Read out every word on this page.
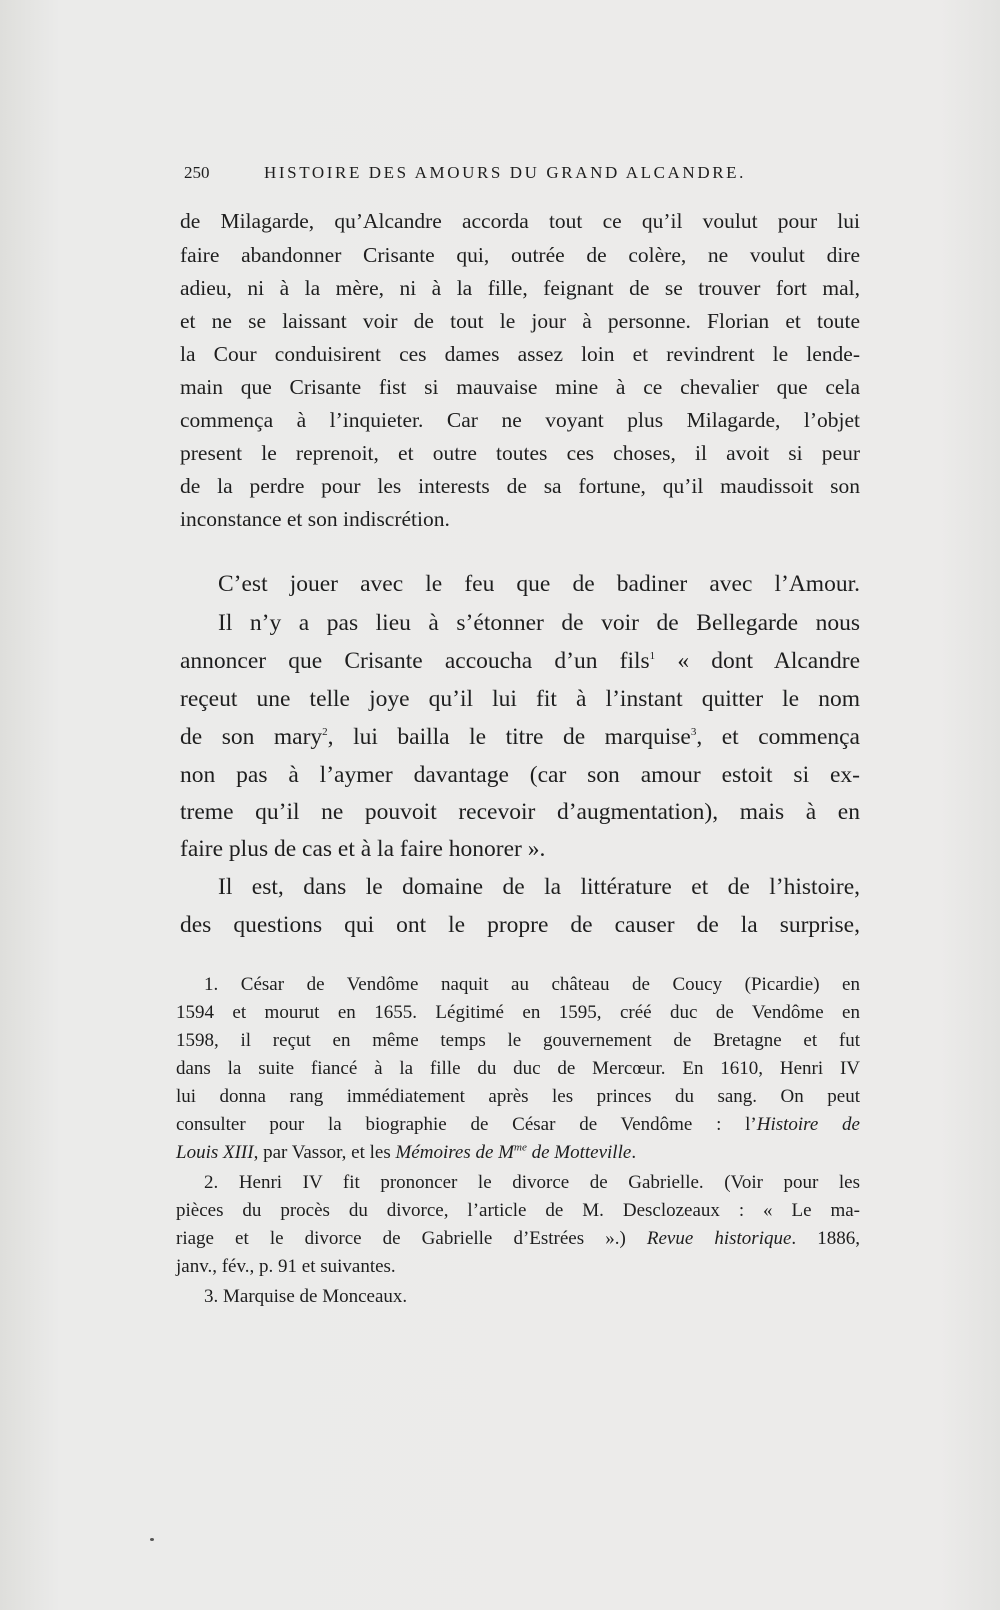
250	HISTOIRE DES AMOURS DU GRAND ALCANDRE.
de Milagarde, qu’Alcandre accorda tout ce qu’il voulut pour lui
faire abandonner Crisante qui, outrée de colère, ne voulut dire
adieu, ni à la mère, ni à la fille, feignant de se trouver fort mal,
et ne se laissant voir de tout le jour à personne. Florian et toute
la Cour conduisirent ces dames assez loin et revindrent le lende-
main que Crisante fist si mauvaise mine à ce chevalier que cela
commença à l’inquieter. Car ne voyant plus Milagarde, l’objet
present le reprenoit, et outre toutes ces choses, il avoit si peur
de la perdre pour les interests de sa fortune, qu’il maudissoit son
inconstance et son indiscrétion.
C’est jouer avec le feu que de badiner avec l’Amour.
Il n’y a pas lieu à s’étonner de voir de Bellegarde nous
annoncer que Crisante accoucha d’un fils$^1$ « dont Alcandre
reçeut une telle joye qu’il lui fit à l’instant quitter le nom
de son mary$^2$, lui bailla le titre de marquise$^3$, et commença
non pas à l’aymer davantage (car son amour estoit si ex-
treme qu’il ne pouvoit recevoir d’augmentation), mais à en
faire plus de cas et à la faire honorer ».
Il est, dans le domaine de la littérature et de l’histoire,
des questions qui ont le propre de causer de la surprise,
1. César de Vendôme naquit au château de Coucy (Picardie) en
1594 et mourut en 1655. Légitimé en 1595, créé duc de Vendôme en
1598, il reçut en même temps le gouvernement de Bretagne et fut
dans la suite fiancé à la fille du duc de Mercœur. En 1610, Henri IV
lui donna rang immédiatement après les princes du sang. On peut
consulter pour la biographie de César de Vendôme : l’Histoire de
Louis XIII, par Vassor, et les Mémoires de $M^{me}$ de Motteville.
2. Henri IV fit prononcer le divorce de Gabrielle. (Voir pour les
pièces du procès du divorce, l’article de M. Desclozeaux : « Le ma-
riage et le divorce de Gabrielle d’Estrées ».) Revue historique. 1886,
janv., fév., p. 91 et suivantes.
3. Marquise de Monceaux.
